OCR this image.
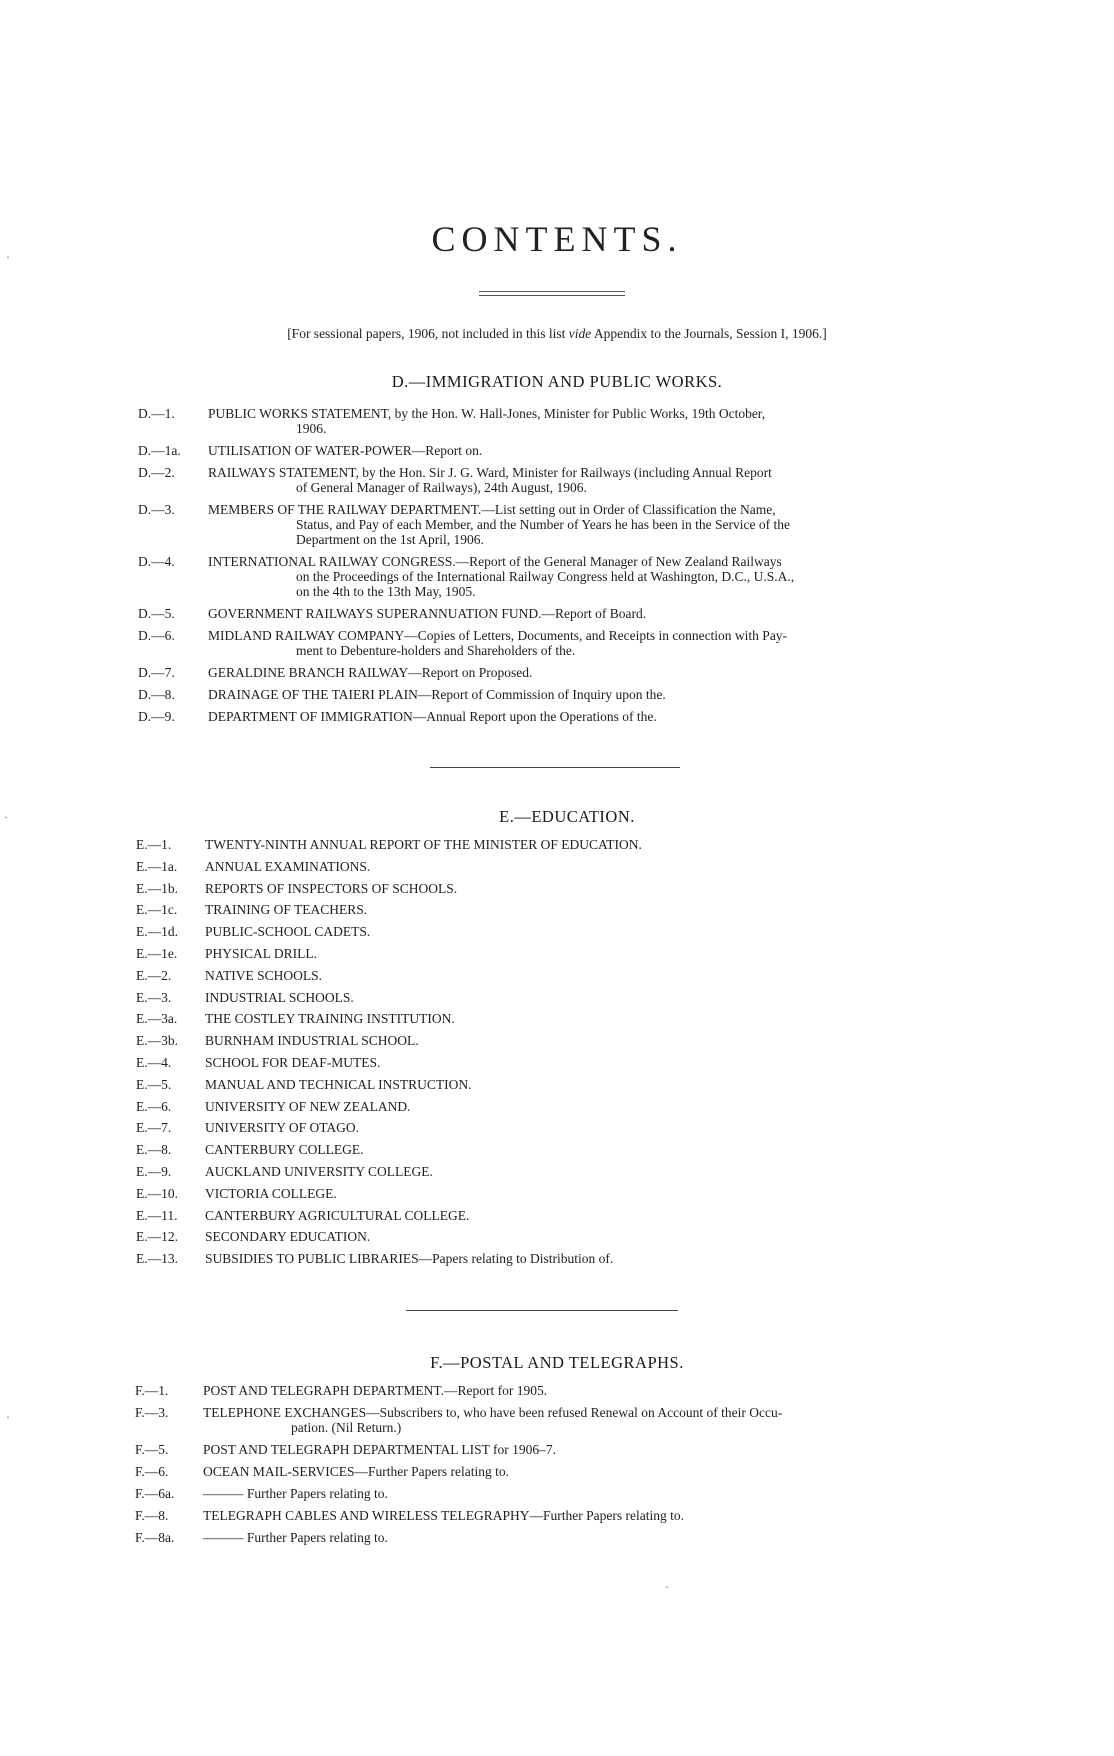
CONTENTS.
[For sessional papers, 1906, not included in this list vide Appendix to the Journals, Session I, 1906.]
D.—IMMIGRATION AND PUBLIC WORKS.
D.—1. PUBLIC WORKS STATEMENT, by the Hon. W. Hall-Jones, Minister for Public Works, 19th October,
1906.
D.—1a. UTILISATION OF WATER-POWER—Report on.
D.—2. RAILWAYS STATEMENT, by the Hon. Sir J. G. Ward, Minister for Railways (including Annual Report
of General Manager of Railways), 24th August, 1906.
D.—3. MEMBERS OF THE RAILWAY DEPARTMENT.—List setting out in Order of Classification the Name,
Status, and Pay of each Member, and the Number of Years he has been in the Service of the
Department on the 1st April, 1906.
D.—4. INTERNATIONAL RAILWAY CONGRESS.—Report of the General Manager of New Zealand Railways
on the Proceedings of the International Railway Congress held at Washington, D.C., U.S.A.,
on the 4th to the 13th May, 1905.
D.—5. GOVERNMENT RAILWAYS SUPERANNUATION FUND.—Report of Board.
D.—6. MIDLAND RAILWAY COMPANY—Copies of Letters, Documents, and Receipts in connection with Pay-
ment to Debenture-holders and Shareholders of the.
D.—7. GERALDINE BRANCH RAILWAY—Report on Proposed.
D.—8. DRAINAGE OF THE TAIERI PLAIN—Report of Commission of Inquiry upon the.
D.—9. DEPARTMENT OF IMMIGRATION—Annual Report upon the Operations of the.
E.—EDUCATION.
E.—1.	TWENTY-NINTH ANNUAL REPORT OF THE MINISTER OF EDUCATION.
E.—1a. ANNUAL EXAMINATIONS.
E.—1b. REPORTS OF INSPECTORS OF SCHOOLS.
E.—1c. TRAINING OF TEACHERS.
E.—1d. PUBLIC-SCHOOL CADETS.
E.—1e. PHYSICAL DRILL.
E.—2.	NATIVE SCHOOLS.
E.—3.	INDUSTRIAL SCHOOLS.
E.—3a. THE COSTLEY TRAINING INSTITUTION.
E.—3b. BURNHAM INDUSTRIAL SCHOOL.
E.—4.	SCHOOL FOR DEAF-MUTES.
E.—5.	MANUAL AND TECHNICAL INSTRUCTION.
E.—6.	UNIVERSITY OF NEW ZEALAND.
E.—7.	UNIVERSITY OF OTAGO.
E.—8.	CANTERBURY COLLEGE.
E.—9.	AUCKLAND UNIVERSITY COLLEGE.
E.—10. VICTORIA COLLEGE.
E.—11. CANTERBURY AGRICULTURAL COLLEGE.
E.—12. SECONDARY EDUCATION.
E.—13. SUBSIDIES TO PUBLIC LIBRARIES—Papers relating to Distribution of.
F.—POSTAL AND TELEGRAPHS.
F.—1.	POST AND TELEGRAPH DEPARTMENT.—Report for 1905.
F.—3.	TELEPHONE EXCHANGES—Subscribers to, who have been refused Renewal on Account of their Occu-
pation. (Nil Return.)
F.—5.	POST AND TELEGRAPH DEPARTMENTAL LIST for 1906–7.
F.—6.	OCEAN MAIL-SERVICES—Further Papers relating to.
F.—6a. ——— Further Papers relating to.
F.—8.	TELEGRAPH CABLES AND WIRELESS TELEGRAPHY—Further Papers relating to.
F.—8a. ——— Further Papers relating to.
·
·
·
·
